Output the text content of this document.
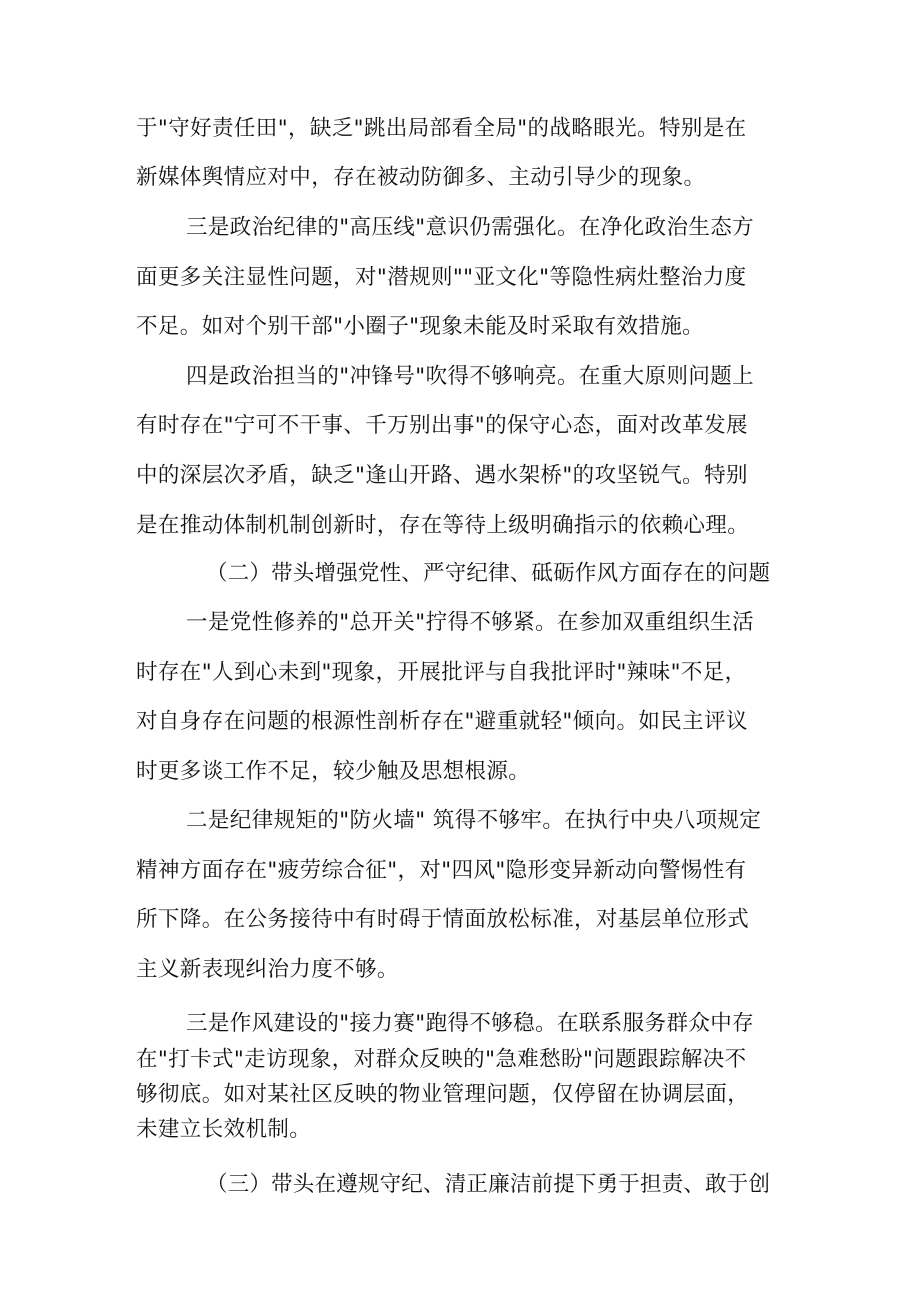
于"守好责任田"，缺乏"跳出局部看全局"的战略眼光。特别是在

新媒体舆情应对中，存在被动防御多、主动引导少的现象。

三是政治纪律的"高压线"意识仍需强化。在净化政治生态方

面更多关注显性问题，对"潜规则""亚文化"等隐性病灶整治力度

不足。如对个别干部"小圈子"现象未能及时采取有效措施。

四是政治担当的"冲锋号"吹得不够响亮。在重大原则问题上

有时存在"宁可不干事、千万别出事"的保守心态，面对改革发展

中的深层次矛盾，缺乏"逢山开路、遇水架桥"的攻坚锐气。特别

是在推动体制机制创新时，存在等待上级明确指示的依赖心理。

（二）带头增强党性、严守纪律、砥砺作风方面存在的问题

一是党性修养的"总开关"拧得不够紧。在参加双重组织生活

时存在"人到心未到"现象，开展批评与自我批评时"辣味"不足，

对自身存在问题的根源性剖析存在"避重就轻"倾向。如民主评议

时更多谈工作不足，较少触及思想根源。

二是纪律规矩的"防火墙" 筑得不够牢。在执行中央八项规定

精神方面存在"疲劳综合征"，对"四风"隐形变异新动向警惕性有

所下降。在公务接待中有时碍于情面放松标准，对基层单位形式

主义新表现纠治力度不够。

三是作风建设的"接力赛"跑得不够稳。在联系服务群众中存

在"打卡式"走访现象，对群众反映的"急难愁盼"问题跟踪解决不

够彻底。如对某社区反映的物业管理问题，仅停留在协调层面，

未建立长效机制。

（三）带头在遵规守纪、清正廉洁前提下勇于担责、敢于创
